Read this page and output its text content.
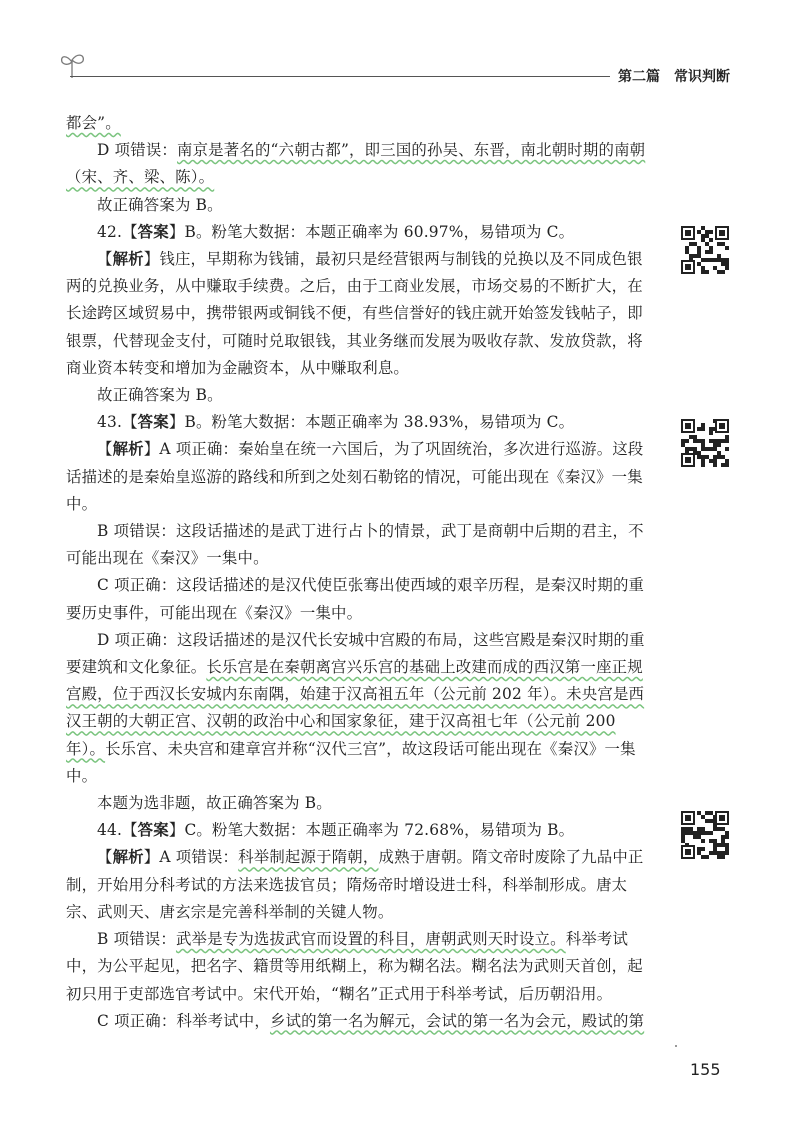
第二篇　常识判断

都会”。

D 项错误：南京是著名的“六朝古都”，即三国的孙吴、东晋，南北朝时期的南朝（宋、齐、梁、陈）。

故正确答案为 B。

42.【答案】B。粉笔大数据：本题正确率为 60.97%，易错项为 C。

【解析】钱庄，早期称为钱铺，最初只是经营银两与制钱的兑换以及不同成色银两的兑换业务，从中赚取手续费。之后，由于工商业发展，市场交易的不断扩大，在长途跨区域贸易中，携带银两或铜钱不便，有些信誉好的钱庄就开始签发钱帖子，即银票，代替现金支付，可随时兑取银钱，其业务继而发展为吸收存款、发放贷款，将商业资本转变和增加为金融资本，从中赚取利息。

故正确答案为 B。

43.【答案】B。粉笔大数据：本题正确率为 38.93%，易错项为 C。

【解析】A 项正确：秦始皇在统一六国后，为了巩固统治，多次进行巡游。这段话描述的是秦始皇巡游的路线和所到之处刻石勒铭的情况，可能出现在《秦汉》一集中。

B 项错误：这段话描述的是武丁进行占卜的情景，武丁是商朝中后期的君主，不可能出现在《秦汉》一集中。

C 项正确：这段话描述的是汉代使臣张骞出使西域的艰辛历程，是秦汉时期的重要历史事件，可能出现在《秦汉》一集中。

D 项正确：这段话描述的是汉代长安城中宫殿的布局，这些宫殿是秦汉时期的重要建筑和文化象征。长乐宫是在秦朝离宫兴乐宫的基础上改建而成的西汉第一座正规宫殿，位于西汉长安城内东南隅，始建于汉高祖五年（公元前 202 年）。未央宫是西汉王朝的大朝正宫、汉朝的政治中心和国家象征，建于汉高祖七年（公元前 200 年）。长乐宫、未央宫和建章宫并称“汉代三宫”，故这段话可能出现在《秦汉》一集中。

本题为选非题，故正确答案为 B。

44.【答案】C。粉笔大数据：本题正确率为 72.68%，易错项为 B。

【解析】A 项错误：科举制起源于隋朝，成熟于唐朝。隋文帝时废除了九品中正制，开始用分科考试的方法来选拔官员；隋炀帝时增设进士科，科举制形成。唐太宗、武则天、唐玄宗是完善科举制的关键人物。

B 项错误：武举是专为选拔武官而设置的科目，唐朝武则天时设立。科举考试中，为公平起见，把名字、籍贯等用纸糊上，称为糊名法。糊名法为武则天首创，起初只用于吏部选官考试中。宋代开始，“糊名”正式用于科举考试，后历朝沿用。

C 项正确：科举考试中，乡试的第一名为解元，会试的第一名为会元，殿试的第

155
